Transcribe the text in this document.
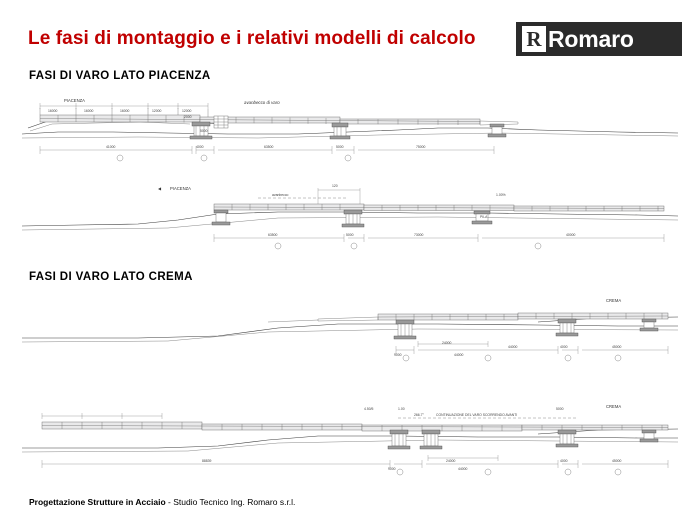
Le fasi di montaggio e i relativi modelli di calcolo R Romaro
FASI DI VARO LATO PIACENZA
FASI DI VARO LATO CREMA
PIACENZA	avanbecco di varo
16000	16000	16000	12000	12000
2000
41000	4000	63500	5000	75000
5000
◀ PIACENZA	120
avanbecco	1.00%
PILA
63500	5000	73000	40000
CREMA
24000
44000
44000
4000	45000
9000
CREMA
CONTINUAZIONE DEL VARO SCORRENDO AVANTI
1.00
266.7°
4.50/5	5000
88839	24000
44000
4000	45000
9000
Progettazione Strutture in Acciaio - Studio Tecnico Ing. Romaro s.r.l.
